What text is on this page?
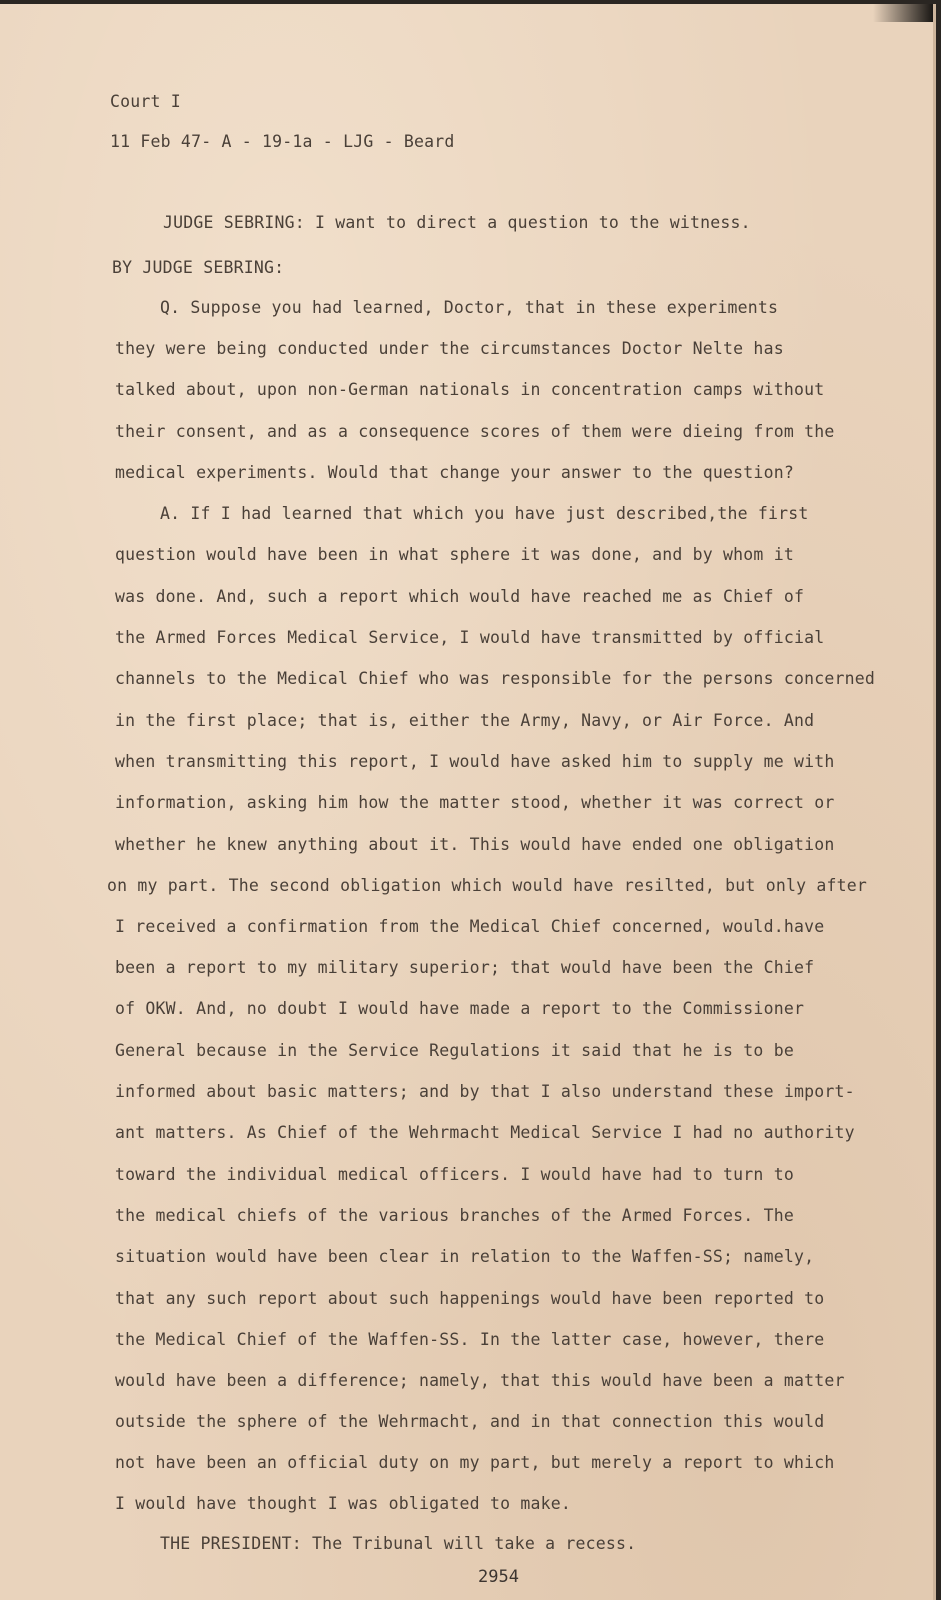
Court I
11 Feb 47- A - 19-1a - LJG - Beard
JUDGE SEBRING: I want to direct a question to the witness.
BY JUDGE SEBRING:
Q. Suppose you had learned, Doctor, that in these experiments
they were being conducted under the circumstances Doctor Nelte has
talked about, upon non-German nationals in concentration camps without
their consent, and as a consequence scores of them were dieing from the
medical experiments. Would that change your answer to the question?
A. If I had learned that which you have just described,the first
question would have been in what sphere it was done, and by whom it
was done. And, such a report which would have reached me as Chief of
the Armed Forces Medical Service, I would have transmitted by official
channels to the Medical Chief who was responsible for the persons concerned
in the first place; that is, either the Army, Navy, or Air Force. And
when transmitting this report, I would have asked him to supply me with
information, asking him how the matter stood, whether it was correct or
whether he knew anything about it. This would have ended one obligation
on my part. The second obligation which would have resilted, but only after
I received a confirmation from the Medical Chief concerned, would.have
been a report to my military superior; that would have been the Chief
of OKW. And, no doubt I would have made a report to the Commissioner
General because in the Service Regulations it said that he is to be
informed about basic matters; and by that I also understand these import-
ant matters. As Chief of the Wehrmacht Medical Service I had no authority
toward the individual medical officers. I would have had to turn to
the medical chiefs of the various branches of the Armed Forces. The
situation would have been clear in relation to the Waffen-SS; namely,
that any such report about such happenings would have been reported to
the Medical Chief of the Waffen-SS. In the latter case, however, there
would have been a difference; namely, that this would have been a matter
outside the sphere of the Wehrmacht, and in that connection this would
not have been an official duty on my part, but merely a report to which
I would have thought I was obligated to make.
THE PRESIDENT: The Tribunal will take a recess.
2954
